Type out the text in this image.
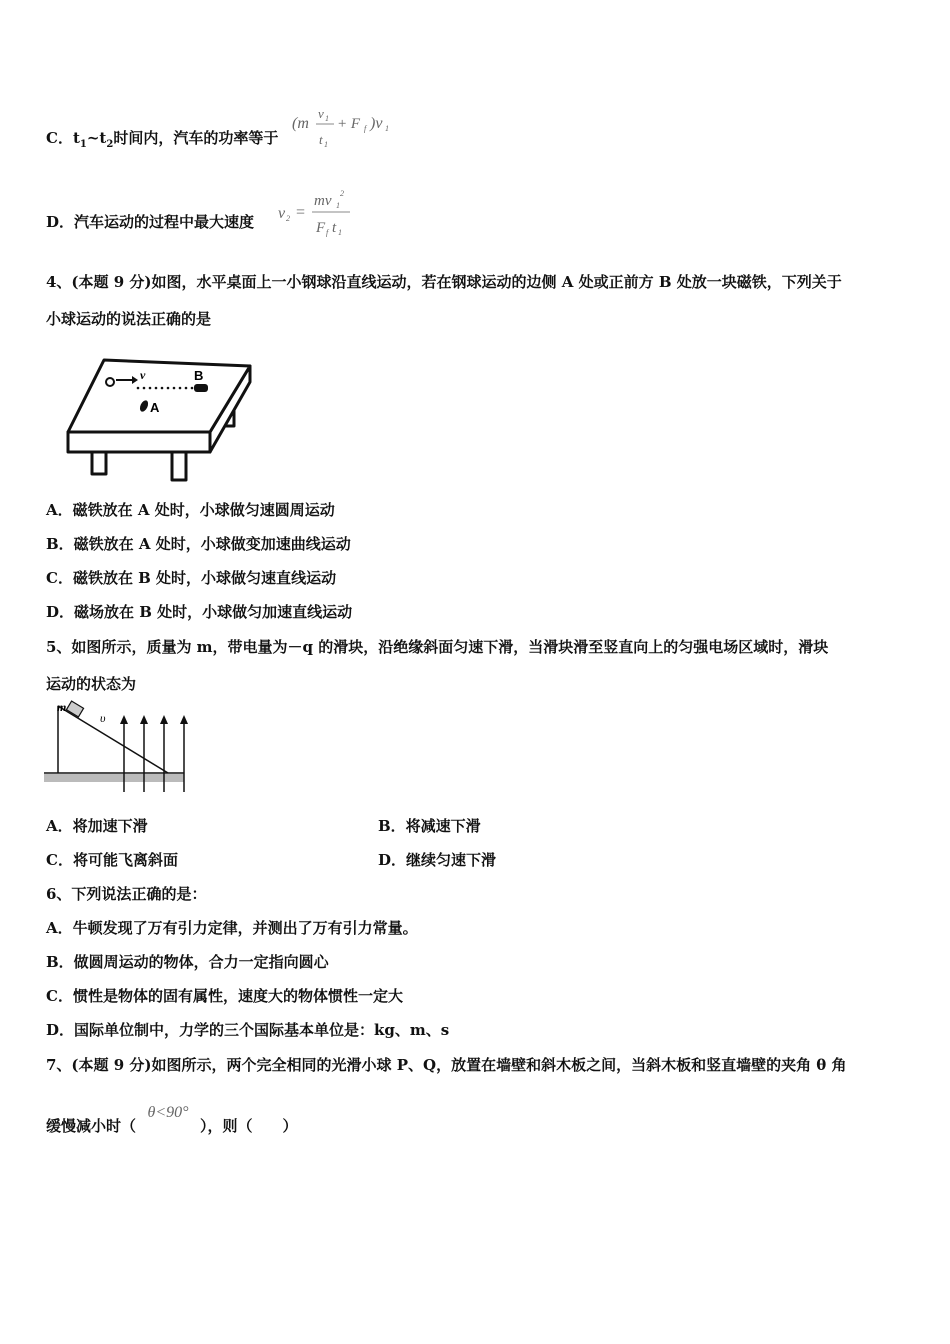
C．$t_1\sim t_2$时间内，汽车的功率等于
(m
v 1
t 1
+ F f )v 1
D．汽车运动的过程中最大速度 v 2 =
mv 1
2
F f t 1
4、(本题 9 分)如图，水平桌面上一小钢球沿直线运动，若在钢球运动的边侧 A 处或正前方 B 处放一块磁铁，下列关于
小球运动的说法正确的是
v	B
A
A．磁铁放在 A 处时，小球做匀速圆周运动
B．磁铁放在 A 处时，小球做变加速曲线运动
C．磁铁放在 B 处时，小球做匀速直线运动
D．磁场放在 B 处时，小球做匀加速直线运动
5、如图所示，质量为 m，带电量为－q 的滑块，沿绝缘斜面匀速下滑，当滑块滑至竖直向上的匀强电场区域时，滑块
运动的状态为
m
υ
A．将加速下滑	B．将减速下滑
C．将可能飞离斜面	D．继续匀速下滑
6、下列说法正确的是：
A．牛顿发现了万有引力定律，并测出了万有引力常量。
B．做圆周运动的物体，合力一定指向圆心
C．惯性是物体的固有属性，速度大的物体惯性一定大
D．国际单位制中，力学的三个国际基本单位是：kg、m、s
7、(本题 9 分)如图所示，两个完全相同的光滑小球 P、Q，放置在墙壁和斜木板之间，当斜木板和竖直墙壁的夹角 θ 角
缓慢减小时（θ<90°），则（　　）
